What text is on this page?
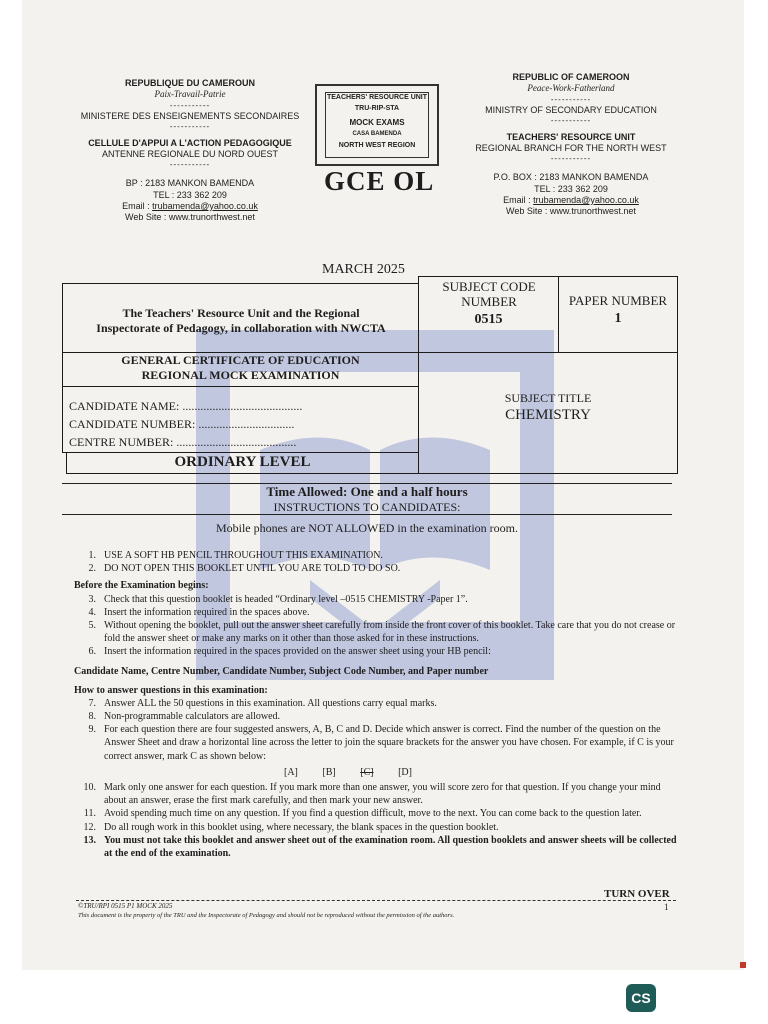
REPUBLIQUE DU CAMEROUN
Paix-Travail-Patrie
-----------
MINISTERE DES ENSEIGNEMENTS SECONDAIRES
-----------
CELLULE D'APPUI A L'ACTION PEDAGOGIQUE
ANTENNE REGIONALE DU NORD OUEST
-----------
BP : 2183 MANKON BAMENDA
TEL : 233 362 209
Email : trubamenda@yahoo.co.uk
Web Site : www.trunorthwest.net
TEACHERS' RESOURCE UNIT
TRU-RIP-STA
MOCK EXAMS
CASA BAMENDA
NORTH WEST REGION
GCE OL
REPUBLIC OF CAMEROON
Peace-Work-Fatherland
-----------
MINISTRY OF SECONDARY EDUCATION
-----------
TEACHERS' RESOURCE UNIT
REGIONAL BRANCH FOR THE NORTH WEST
-----------
P.O. BOX : 2183 MANKON BAMENDA
TEL : 233 362 209
Email : trubamenda@yahoo.co.uk
Web Site : www.trunorthwest.net
MARCH 2025
The Teachers' Resource Unit and the Regional Inspectorate of Pedagogy, in collaboration with NWCTA
SUBJECT CODE NUMBER
0515
PAPER NUMBER
1
GENERAL CERTIFICATE OF EDUCATION
REGIONAL MOCK EXAMINATION
CANDIDATE NAME: ........................................
CANDIDATE NUMBER: ................................
CENTRE NUMBER: ........................................
ORDINARY LEVEL
SUBJECT TITLE
CHEMISTRY
Time Allowed: One and a half hours
INSTRUCTIONS TO CANDIDATES:
Mobile phones are NOT ALLOWED in the examination room.
1. USE A SOFT HB PENCIL THROUGHOUT THIS EXAMINATION.
2. DO NOT OPEN THIS BOOKLET UNTIL YOU ARE TOLD TO DO SO.
Before the Examination begins:
3. Check that this question booklet is headed “Ordinary level –0515 CHEMISTRY -Paper 1”.
4. Insert the information required in the spaces above.
5. Without opening the booklet, pull out the answer sheet carefully from inside the front cover of this booklet. Take care that you do not crease or fold the answer sheet or make any marks on it other than those asked for in these instructions.
6. Insert the information required in the spaces provided on the answer sheet using your HB pencil:
Candidate Name, Centre Number, Candidate Number, Subject Code Number, and Paper number
How to answer questions in this examination:
7. Answer ALL the 50 questions in this examination. All questions carry equal marks.
8. Non-programmable calculators are allowed.
9. For each question there are four suggested answers, A, B, C and D. Decide which answer is correct. Find the number of the question on the Answer Sheet and draw a horizontal line across the letter to join the square brackets for the answer you have chosen. For example, if C is your correct answer, mark C as shown below:
[A] [B] [C] [D]
10. Mark only one answer for each question. If you mark more than one answer, you will score zero for that question. If you change your mind about an answer, erase the first mark carefully, and then mark your new answer.
11. Avoid spending much time on any question. If you find a question difficult, move to the next. You can come back to the question later.
12. Do all rough work in this booklet using, where necessary, the blank spaces in the question booklet.
13. You must not take this booklet and answer sheet out of the examination room. All question booklets and answer sheets will be collected at the end of the examination.
TURN OVER
©TRU/RPI 0515 P1 MOCK 2025
This document is the property of the TRU and the Inspectorate of Pedagogy and should not be reproduced without the permission of the authors.
1
CS
